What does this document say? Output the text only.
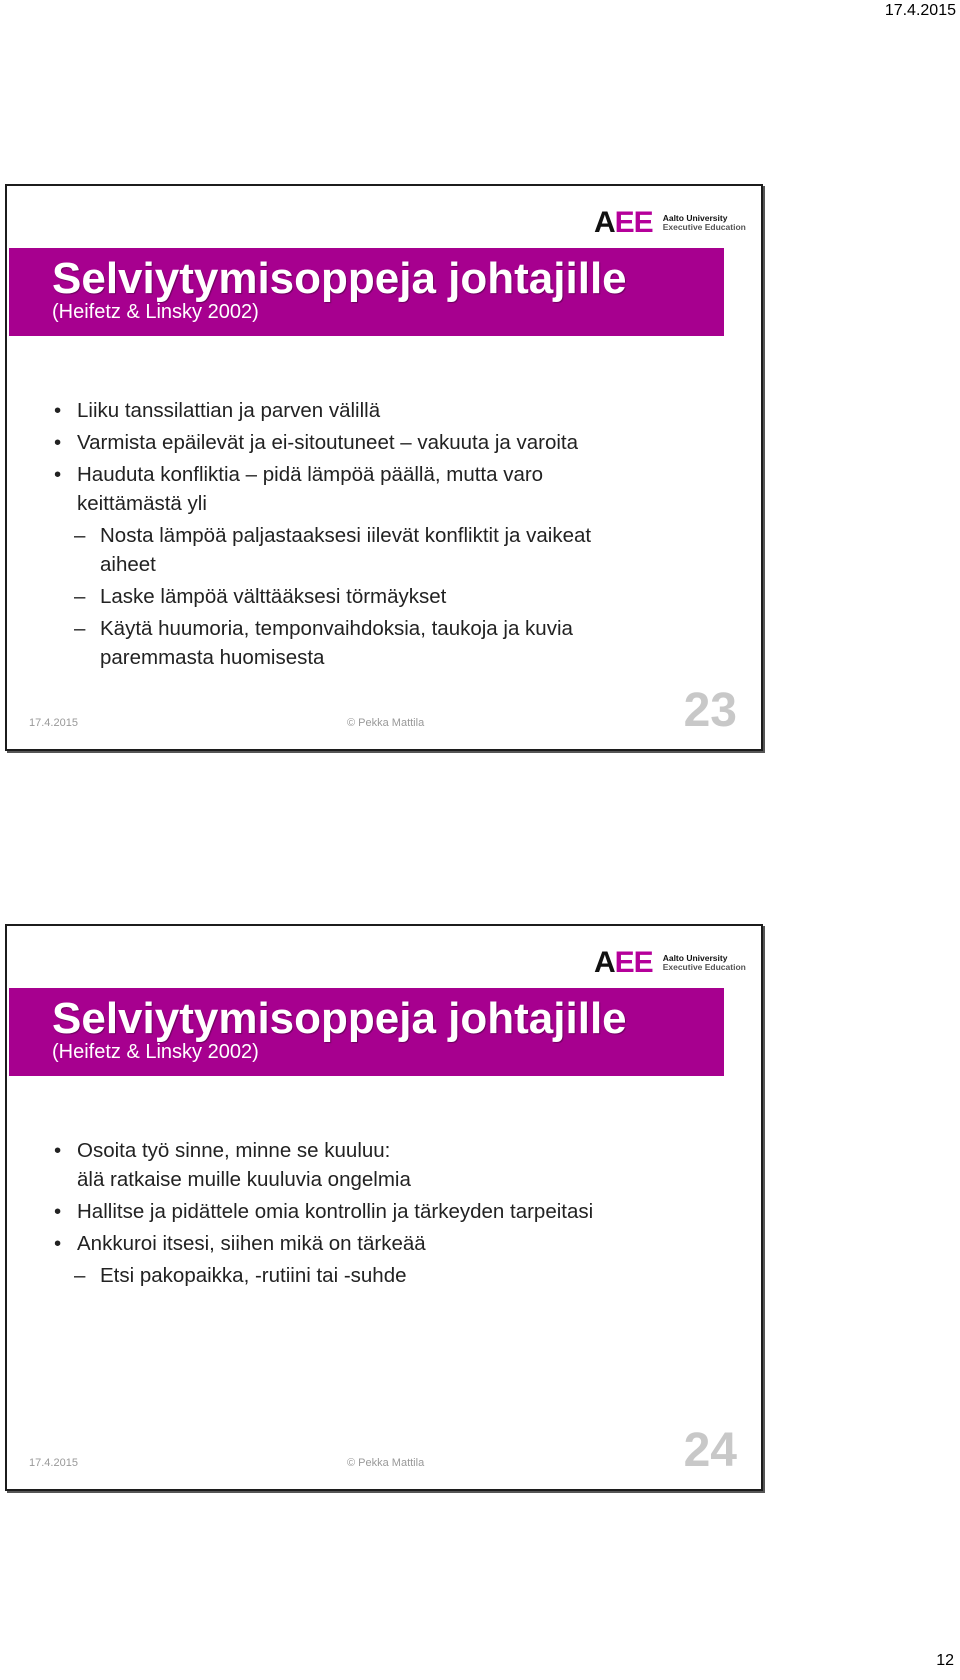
17.4.2015
AEE Aalto University
Executive Education
Selviytymisoppeja johtajille
(Heifetz & Linsky 2002)
• Liiku tanssilattian ja parven välillä
• Varmista epäilevät ja ei-sitoutuneet – vakuuta ja varoita
• Hauduta konfliktia – pidä lämpöä päällä, mutta varo
keittämästä yli
– Nosta lämpöä paljastaaksesi iilevät konfliktit ja vaikeat
aiheet
– Laske lämpöä välttääksesi törmäykset
– Käytä huumoria, temponvaihdoksia, taukoja ja kuvia
paremmasta huomisesta
17.4.2015	© Pekka Mattila	23
AEE Aalto University
Executive Education
Selviytymisoppeja johtajille
(Heifetz & Linsky 2002)
• Osoita työ sinne, minne se kuuluu:
älä ratkaise muille kuuluvia ongelmia
• Hallitse ja pidättele omia kontrollin ja tärkeyden tarpeitasi
• Ankkuroi itsesi, siihen mikä on tärkeää
– Etsi pakopaikka, -rutiini tai -suhde
17.4.2015	© Pekka Mattila	24
12
